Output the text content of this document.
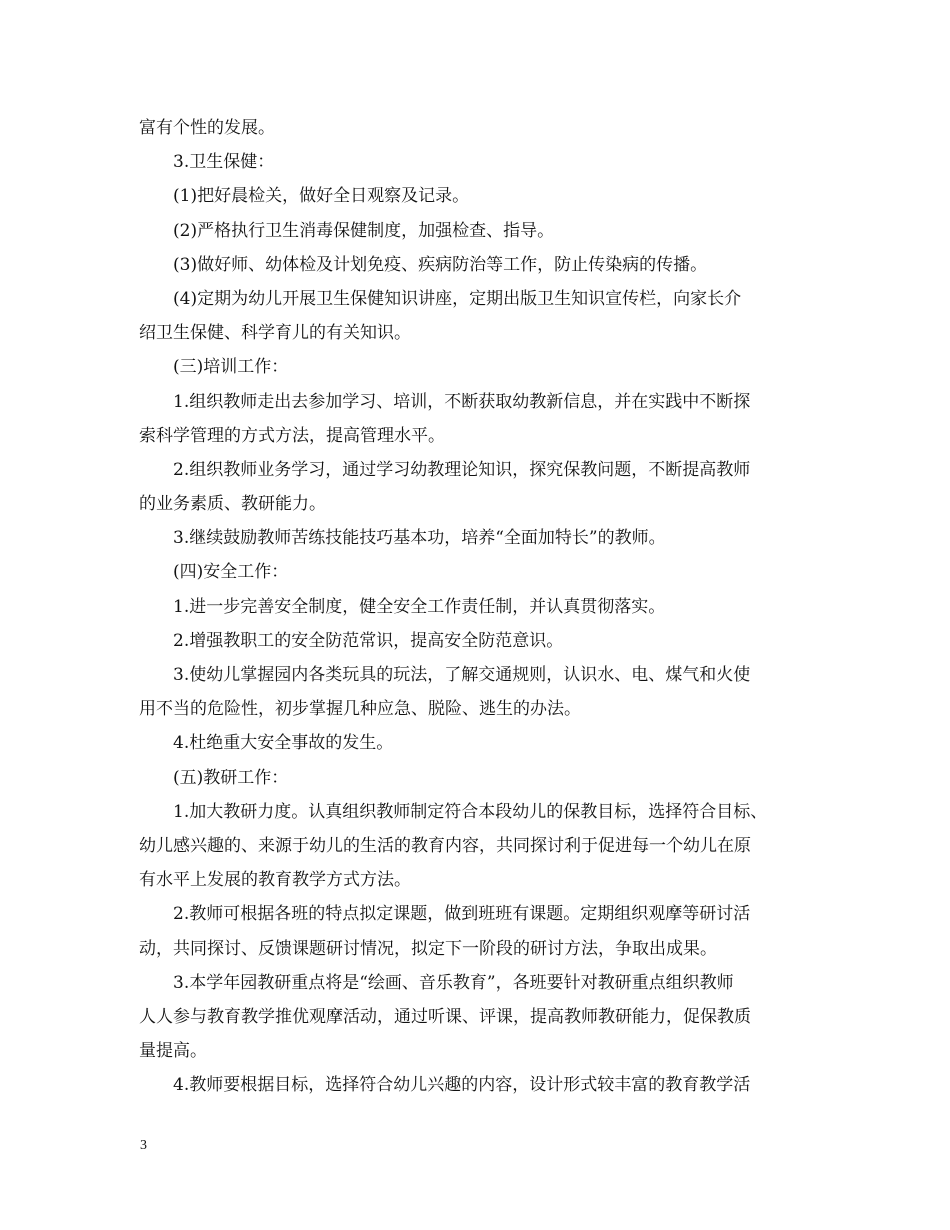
富有个性的发展。
3.卫生保健：
(1)把好晨检关，做好全日观察及记录。
(2)严格执行卫生消毒保健制度，加强检查、指导。
(3)做好师、幼体检及计划免疫、疾病防治等工作，防止传染病的传播。
(4)定期为幼儿开展卫生保健知识讲座，定期出版卫生知识宣传栏，向家长介
绍卫生保健、科学育儿的有关知识。
(三)培训工作：
1.组织教师走出去参加学习、培训，不断获取幼教新信息，并在实践中不断探
索科学管理的方式方法，提高管理水平。
2.组织教师业务学习，通过学习幼教理论知识，探究保教问题，不断提高教师
的业务素质、教研能力。
3.继续鼓励教师苦练技能技巧基本功，培养“全面加特长”的教师。
(四)安全工作：
1.进一步完善安全制度，健全安全工作责任制，并认真贯彻落实。
2.增强教职工的安全防范常识，提高安全防范意识。
3.使幼儿掌握园内各类玩具的玩法，了解交通规则，认识水、电、煤气和火使
用不当的危险性，初步掌握几种应急、脱险、逃生的办法。
4.杜绝重大安全事故的发生。
(五)教研工作：
1.加大教研力度。认真组织教师制定符合本段幼儿的保教目标，选择符合目标、
幼儿感兴趣的、来源于幼儿的生活的教育内容，共同探讨利于促进每一个幼儿在原
有水平上发展的教育教学方式方法。
2.教师可根据各班的特点拟定课题，做到班班有课题。定期组织观摩等研讨活
动，共同探讨、反馈课题研讨情况，拟定下一阶段的研讨方法，争取出成果。
3.本学年园教研重点将是“绘画、音乐教育”，各班要针对教研重点组织教师
人人参与教育教学推优观摩活动，通过听课、评课，提高教师教研能力，促保教质
量提高。
4.教师要根据目标，选择符合幼儿兴趣的内容，设计形式较丰富的教育教学活
3
